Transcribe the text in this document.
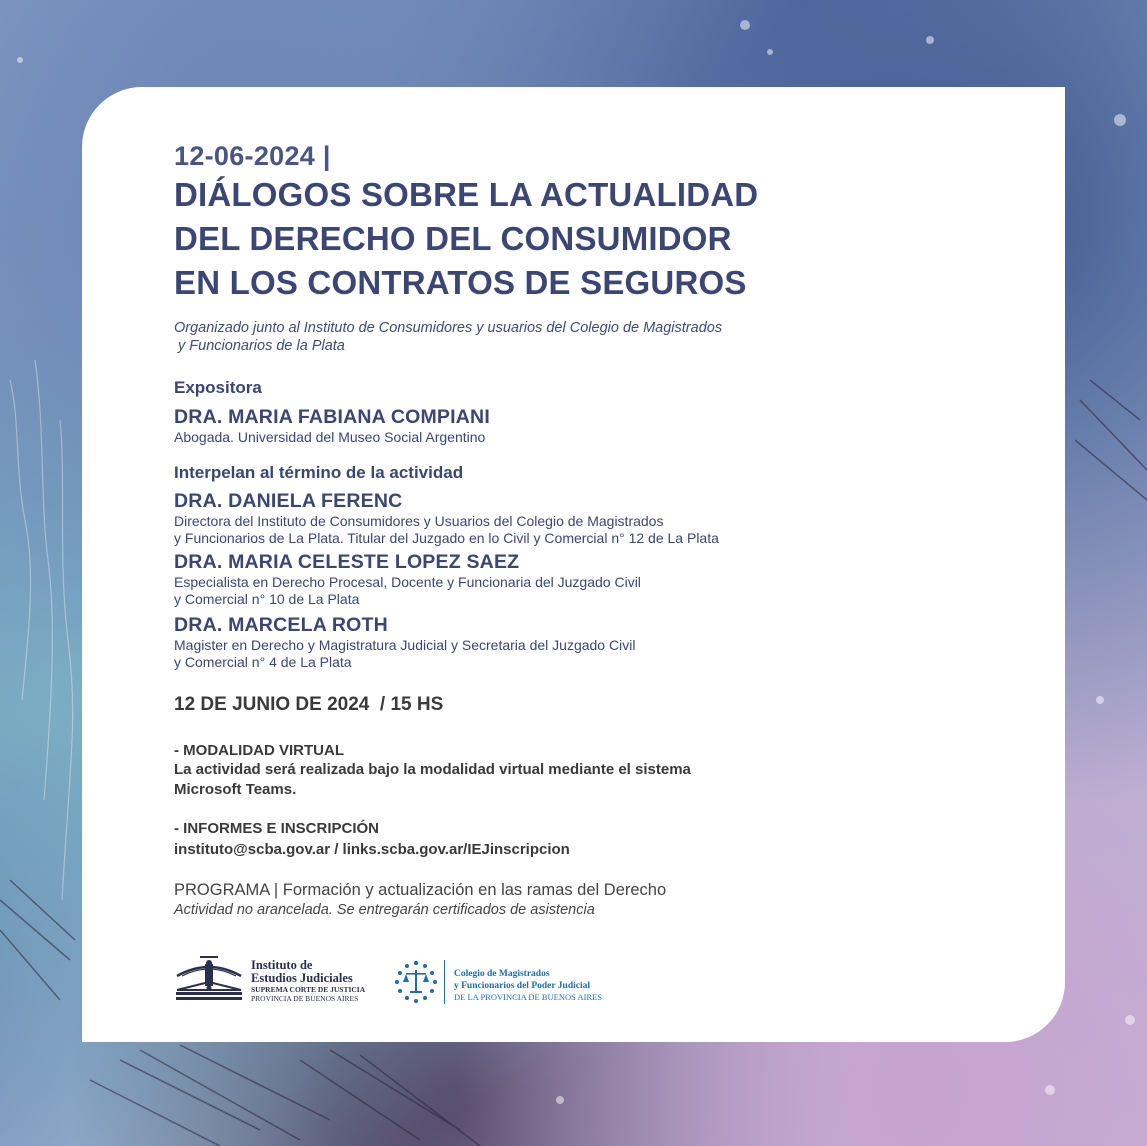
12-06-2024 |
DIÁLOGOS SOBRE LA ACTUALIDAD
DEL DERECHO DEL CONSUMIDOR
EN LOS CONTRATOS DE SEGUROS
Organizado junto al Instituto de Consumidores y usuarios del Colegio de Magistrados
y Funcionarios de la Plata
Expositora
DRA. MARIA FABIANA COMPIANI
Abogada. Universidad del Museo Social Argentino
Interpelan al término de la actividad
DRA. DANIELA FERENC
Directora del Instituto de Consumidores y Usuarios del Colegio de Magistrados
y Funcionarios de La Plata. Titular del Juzgado en lo Civil y Comercial n° 12 de La Plata
DRA. MARIA CELESTE LOPEZ SAEZ
Especialista en Derecho Procesal, Docente y Funcionaria del Juzgado Civil
y Comercial n° 10 de La Plata
DRA. MARCELA ROTH
Magister en Derecho y Magistratura Judicial y Secretaria del Juzgado Civil
y Comercial n° 4 de La Plata
12 DE JUNIO DE 2024  / 15 HS
- MODALIDAD VIRTUAL
La actividad será realizada bajo la modalidad virtual mediante el sistema
Microsoft Teams.
- INFORMES E INSCRIPCIÓN
instituto@scba.gov.ar / links.scba.gov.ar/IEJinscripcion
PROGRAMA | Formación y actualización en las ramas del Derecho
Actividad no arancelada. Se entregarán certificados de asistencia
Instituto de
Estudios Judiciales
SUPREMA CORTE DE JUSTICIA
PROVINCIA DE BUENOS AIRES
Colegio de Magistrados
y Funcionarios del Poder Judicial
DE LA PROVINCIA DE BUENOS AIRES
